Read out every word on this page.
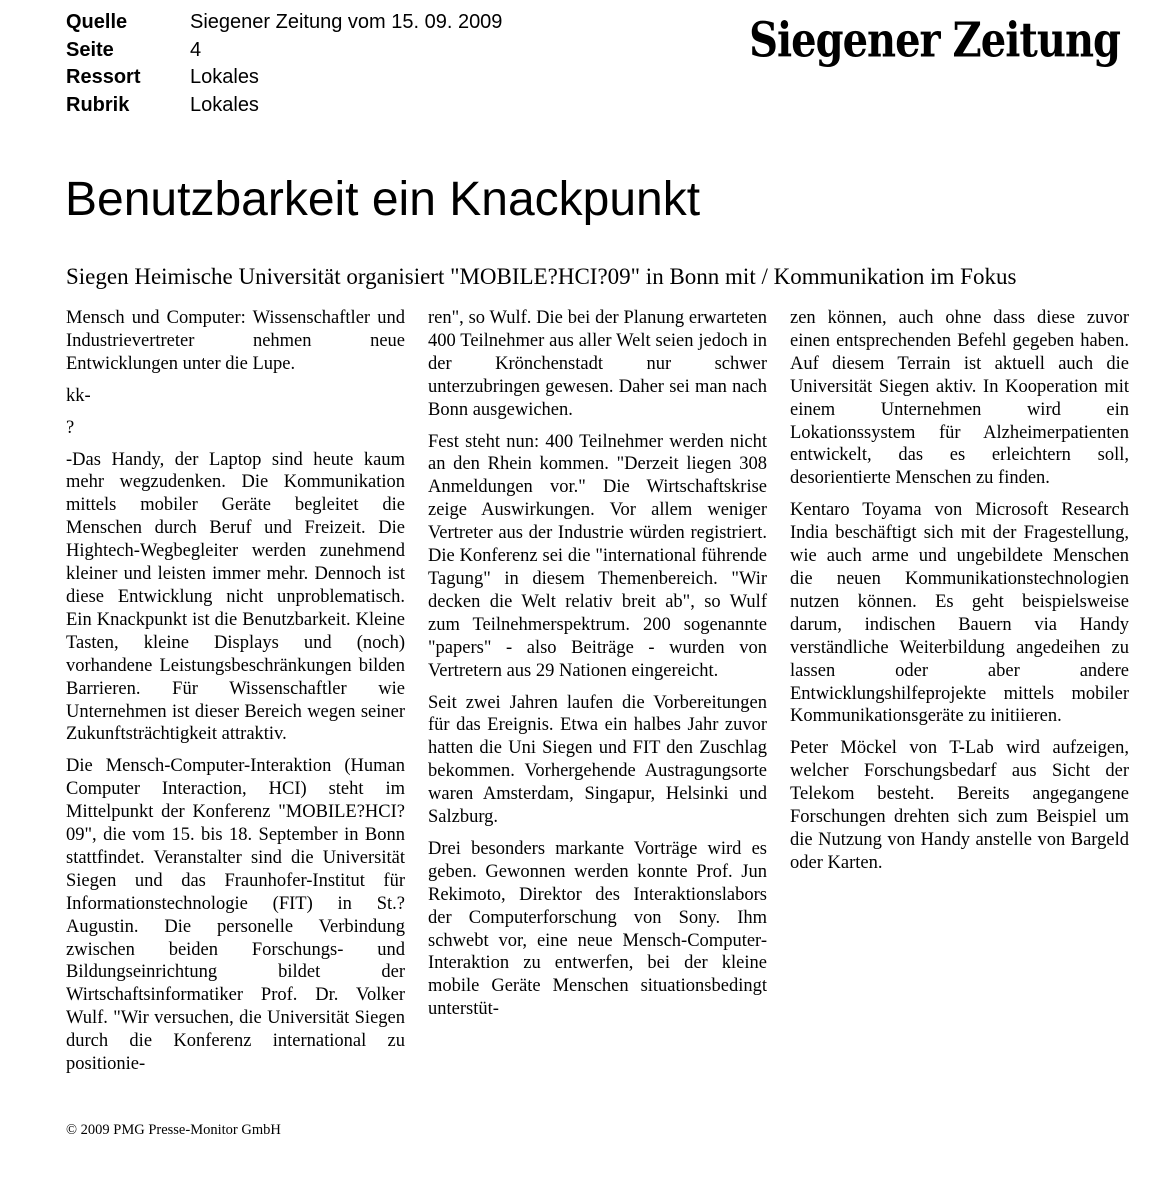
Quelle	Siegener Zeitung vom 15. 09. 2009
Seite	4
Ressort	Lokales
Rubrik	Lokales
Siegener Zeitung
Benutzbarkeit ein Knackpunkt
Siegen Heimische Universität organisiert "MOBILE?HCI?09" in Bonn mit / Kommunikation im Fokus

Mensch und Computer: Wissenschaftler und Industrievertreter nehmen neue Entwicklungen unter die Lupe.

kk-

?

-Das Handy, der Laptop sind heute kaum mehr wegzudenken. Die Kommunikation mittels mobiler Geräte begleitet die Menschen durch Beruf und Freizeit. Die Hightech-Wegbegleiter werden zunehmend kleiner und leisten immer mehr. Dennoch ist diese Entwicklung nicht unproblematisch. Ein Knackpunkt ist die Benutzbarkeit. Kleine Tasten, kleine Displays und (noch) vorhandene Leistungsbeschränkungen bilden Barrieren. Für Wissenschaftler wie Unternehmen ist dieser Bereich wegen seiner Zukunftsträchtigkeit attraktiv.

Die Mensch-Computer-Interaktion (Human Computer Interaction, HCI) steht im Mittelpunkt der Konferenz "MOBILE?HCI?09", die vom 15. bis 18. September in Bonn stattfindet. Veranstalter sind die Universität Siegen und das Fraunhofer-Institut für Informationstechnologie (FIT) in St.?Augustin. Die personelle Verbindung zwischen beiden Forschungs- und Bildungseinrichtung bildet der Wirtschaftsinformatiker Prof. Dr. Volker Wulf. "Wir versuchen, die Universität Siegen durch die Konferenz international zu positionie-

ren", so Wulf. Die bei der Planung erwarteten 400 Teilnehmer aus aller Welt seien jedoch in der Krönchenstadt nur schwer unterzubringen gewesen. Daher sei man nach Bonn ausgewichen.

Fest steht nun: 400 Teilnehmer werden nicht an den Rhein kommen. "Derzeit liegen 308 Anmeldungen vor." Die Wirtschaftskrise zeige Auswirkungen. Vor allem weniger Vertreter aus der Industrie würden registriert. Die Konferenz sei die "international führende Tagung" in diesem Themenbereich. "Wir decken die Welt relativ breit ab", so Wulf zum Teilnehmerspektrum. 200 sogenannte "papers" - also Beiträge - wurden von Vertretern aus 29 Nationen eingereicht.

Seit zwei Jahren laufen die Vorbereitungen für das Ereignis. Etwa ein halbes Jahr zuvor hatten die Uni Siegen und FIT den Zuschlag bekommen. Vorhergehende Austragungsorte waren Amsterdam, Singapur, Helsinki und Salzburg.

Drei besonders markante Vorträge wird es geben. Gewonnen werden konnte Prof. Jun Rekimoto, Direktor des Interaktionslabors der Computerforschung von Sony. Ihm schwebt vor, eine neue Mensch-Computer-Interaktion zu entwerfen, bei der kleine mobile Geräte Menschen situationsbedingt unterstüt-

zen können, auch ohne dass diese zuvor einen entsprechenden Befehl gegeben haben. Auf diesem Terrain ist aktuell auch die Universität Siegen aktiv. In Kooperation mit einem Unternehmen wird ein Lokationssystem für Alzheimerpatienten entwickelt, das es erleichtern soll, desorientierte Menschen zu finden.

Kentaro Toyama von Microsoft Research India beschäftigt sich mit der Fragestellung, wie auch arme und ungebildete Menschen die neuen Kommunikationstechnologien nutzen können. Es geht beispielsweise darum, indischen Bauern via Handy verständliche Weiterbildung angedeihen zu lassen oder aber andere Entwicklungshilfeprojekte mittels mobiler Kommunikationsgeräte zu initiieren.

Peter Möckel von T-Lab wird aufzeigen, welcher Forschungsbedarf aus Sicht der Telekom besteht. Bereits angegangene Forschungen drehten sich zum Beispiel um die Nutzung von Handy anstelle von Bargeld oder Karten.

© 2009 PMG Presse-Monitor GmbH
